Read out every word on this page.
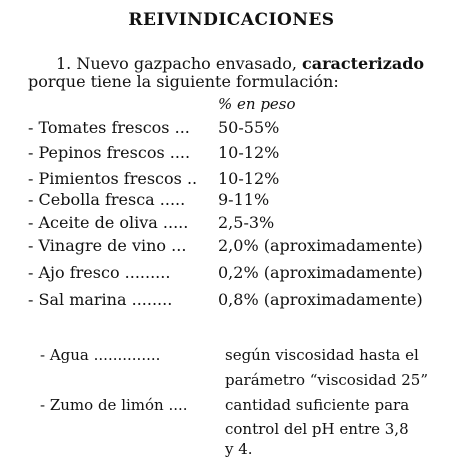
REIVINDICACIONES
1. Nuevo gazpacho envasado, caracterizado
porque tiene la siguiente formulación:
% en peso
- Tomates frescos ... 50-55%
- Pepinos frescos .... 10-12%
- Pimientos frescos .. 10-12%
- Cebolla fresca ..... 9-11%
- Aceite de oliva ..... 2,5-3%
- Vinagre de vino ... 2,0% (aproximadamente)
- Ajo fresco .........	0,2% (aproximadamente)
- Sal marina ........	0,8% (aproximadamente)
- Agua ..............	según viscosidad hasta el
parámetro “viscosidad 25”
- Zumo de limón .... cantidad suficiente para
control del pH entre 3,8
y 4.
